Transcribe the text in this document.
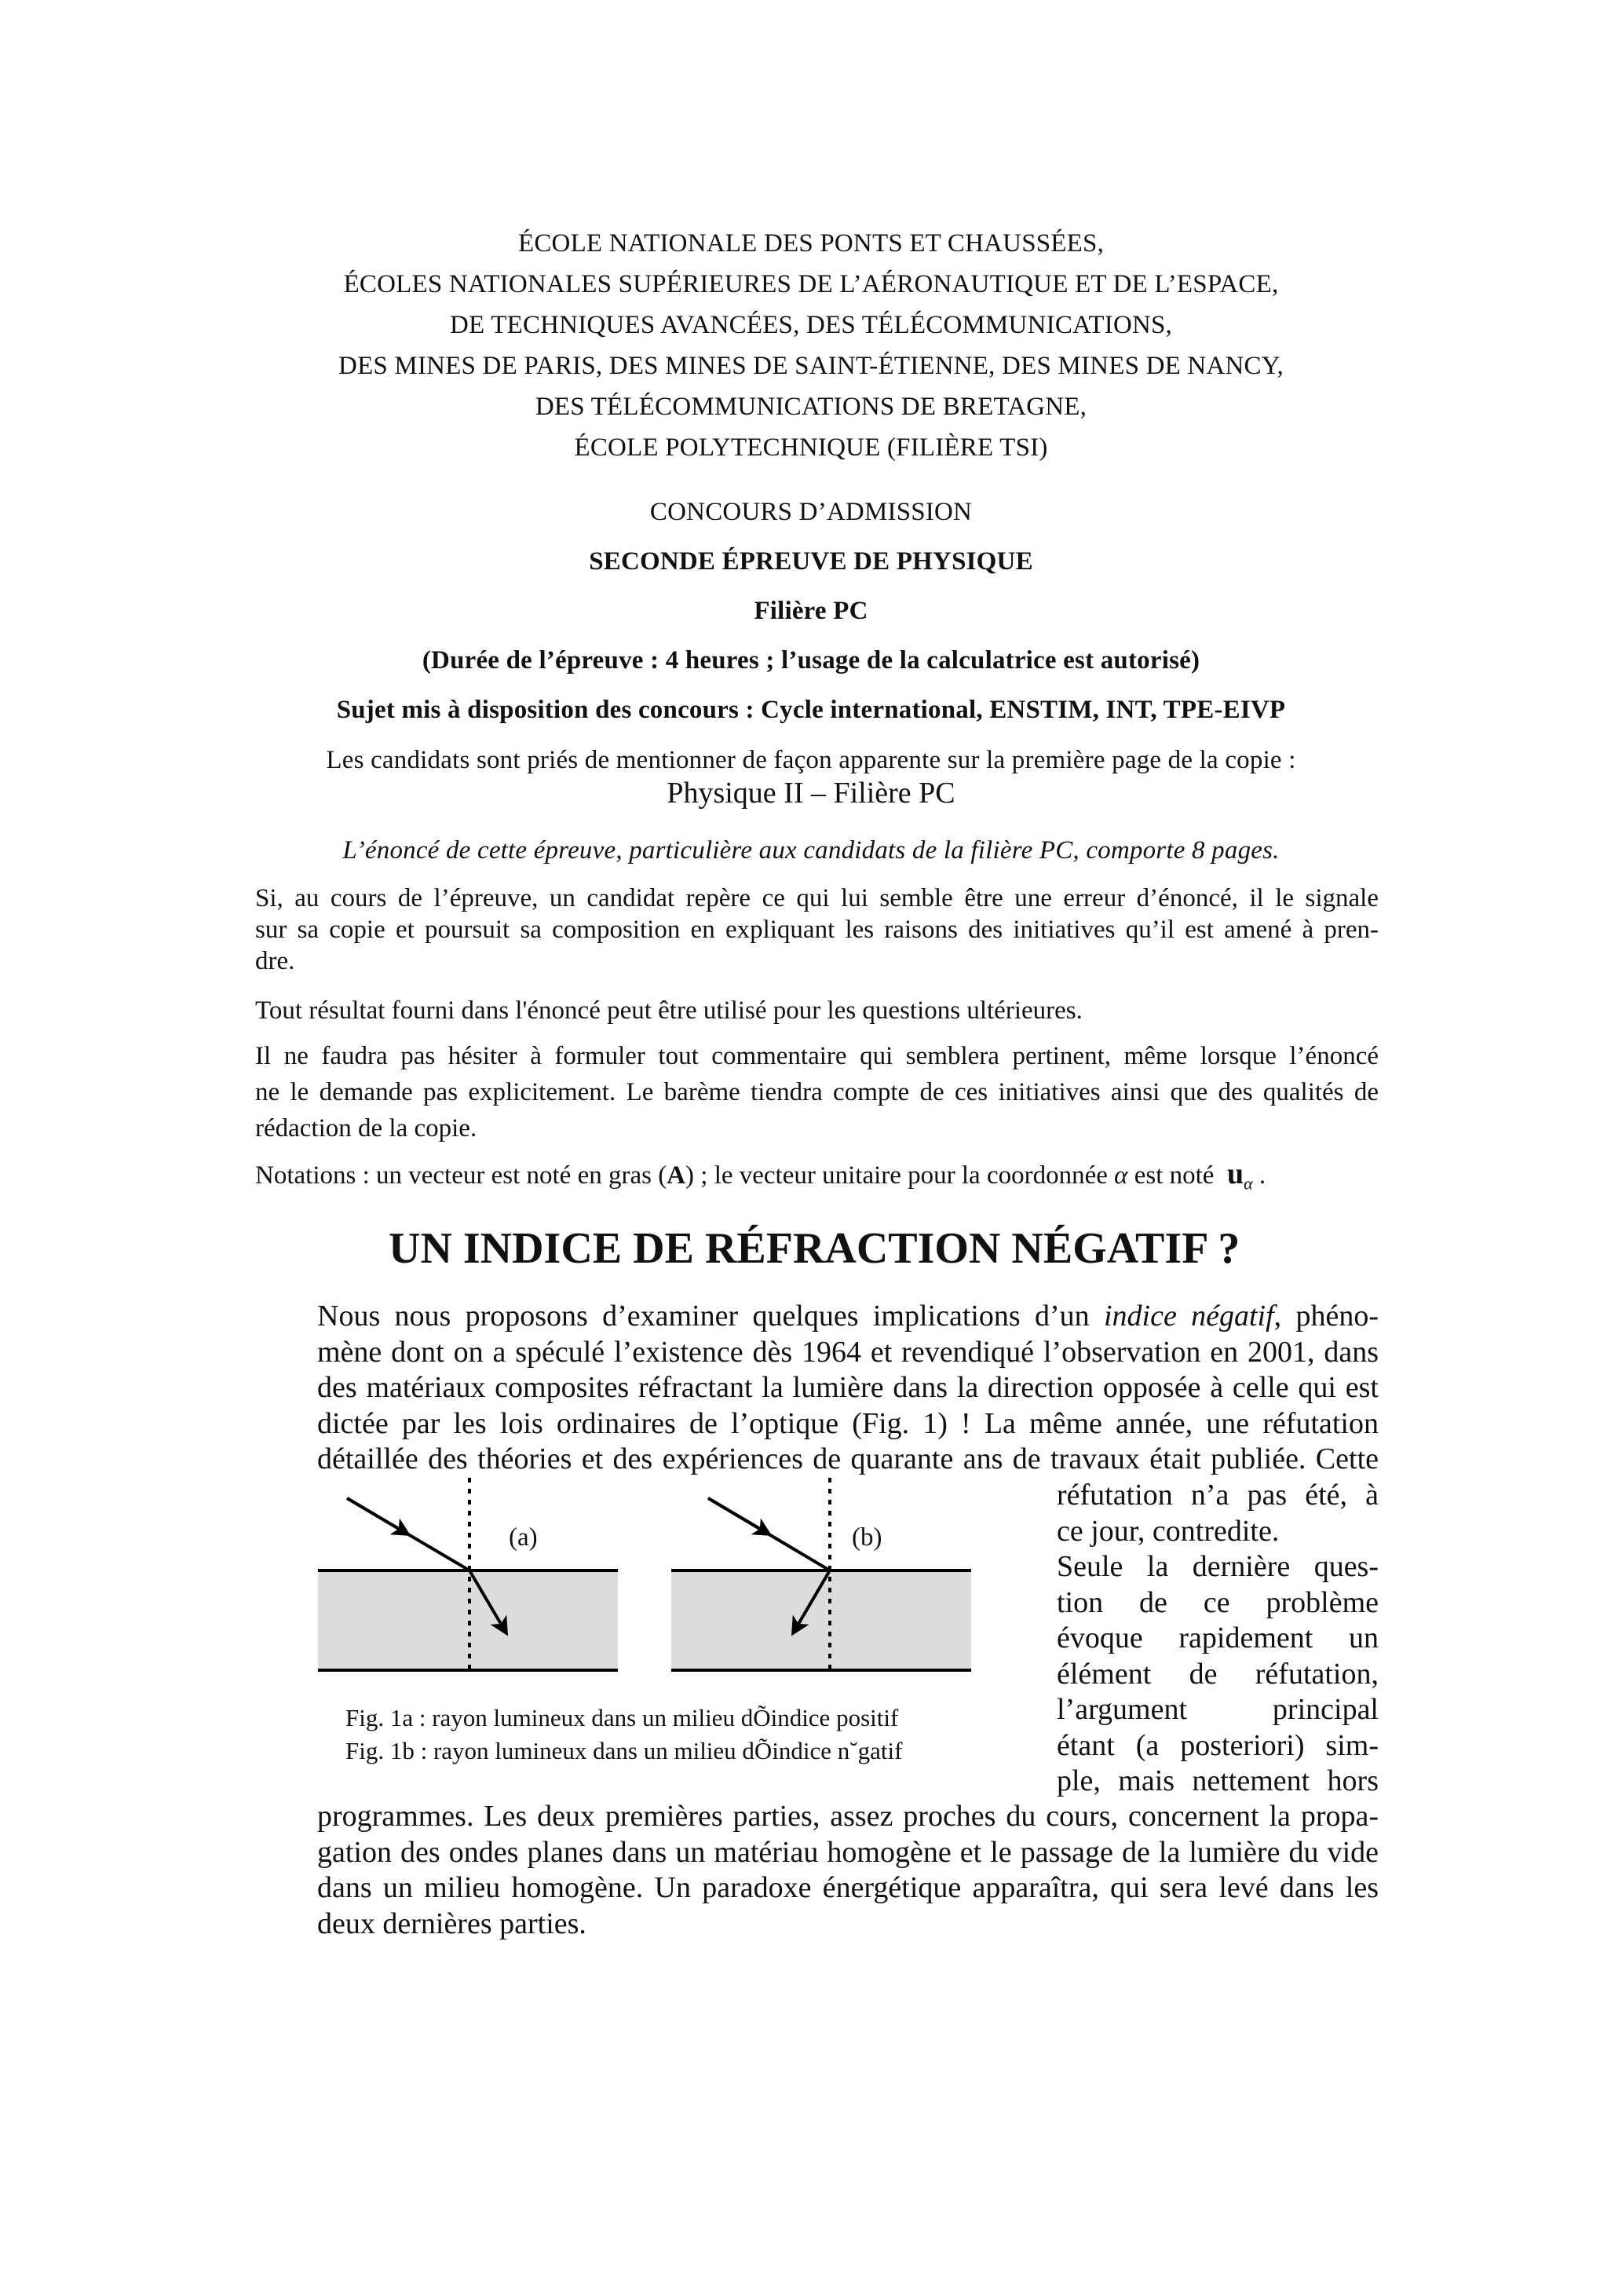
ÉCOLE NATIONALE DES PONTS ET CHAUSSÉES,
ÉCOLES NATIONALES SUPÉRIEURES DE L’AÉRONAUTIQUE ET DE L’ESPACE,
DE TECHNIQUES AVANCÉES, DES TÉLÉCOMMUNICATIONS,
DES MINES DE PARIS, DES MINES DE SAINT-ÉTIENNE, DES MINES DE NANCY,
DES TÉLÉCOMMUNICATIONS DE BRETAGNE,
ÉCOLE POLYTECHNIQUE (FILIÈRE TSI)
CONCOURS D’ADMISSION
SECONDE ÉPREUVE DE PHYSIQUE
Filière PC
(Durée de l’épreuve : 4 heures ; l’usage de la calculatrice est autorisé)
Sujet mis à disposition des concours : Cycle international, ENSTIM, INT, TPE-EIVP
Les candidats sont priés de mentionner de façon apparente sur la première page de la copie :
Physique II – Filière PC
L’énoncé de cette épreuve, particulière aux candidats de la filière PC, comporte 8 pages.
Si, au cours de l’épreuve, un candidat repère ce qui lui semble être une erreur d’énoncé, il le signale
sur sa copie et poursuit sa composition en expliquant les raisons des initiatives qu’il est amené à pren-
dre.
Tout résultat fourni dans l'énoncé peut être utilisé pour les questions ultérieures.
Il ne faudra pas hésiter à formuler tout commentaire qui semblera pertinent, même lorsque l’énoncé
ne le demande pas explicitement. Le barème tiendra compte de ces initiatives ainsi que des qualités de
rédaction de la copie.
Notations : un vecteur est noté en gras (A) ; le vecteur unitaire pour la coordonnée α est noté  $u_\alpha$ .
UN INDICE DE RÉFRACTION NÉGATIF ?
Nous nous proposons d’examiner quelques implications d’un indice négatif, phéno-
mène dont on a spéculé l’existence dès 1964 et revendiqué l’observation en 2001, dans
des matériaux composites réfractant la lumière dans la direction opposée à celle qui est
dictée par les lois ordinaires de l’optique (Fig. 1) ! La même année, une réfutation
détaillée des théories et des expériences de quarante ans de travaux était publiée. Cette
réfutation n’a pas été, à
ce jour, contredite.
Seule la dernière ques-
tion de ce problème
évoque rapidement un
élément de réfutation,
l’argument      principal
étant (a posteriori) sim-
ple, mais nettement hors
programmes. Les deux premières parties, assez proches du cours, concernent la propa-
gation des ondes planes dans un matériau homogène et le passage de la lumière du vide
dans un milieu homogène. Un paradoxe énergétique apparaîtra, qui sera levé dans les
deux dernières parties.
(a)	(b)
Fig. 1a : rayon lumineux dans un milieu dÕindice positif
Fig. 1b : rayon lumineux dans un milieu dÕindice n˘gatif
